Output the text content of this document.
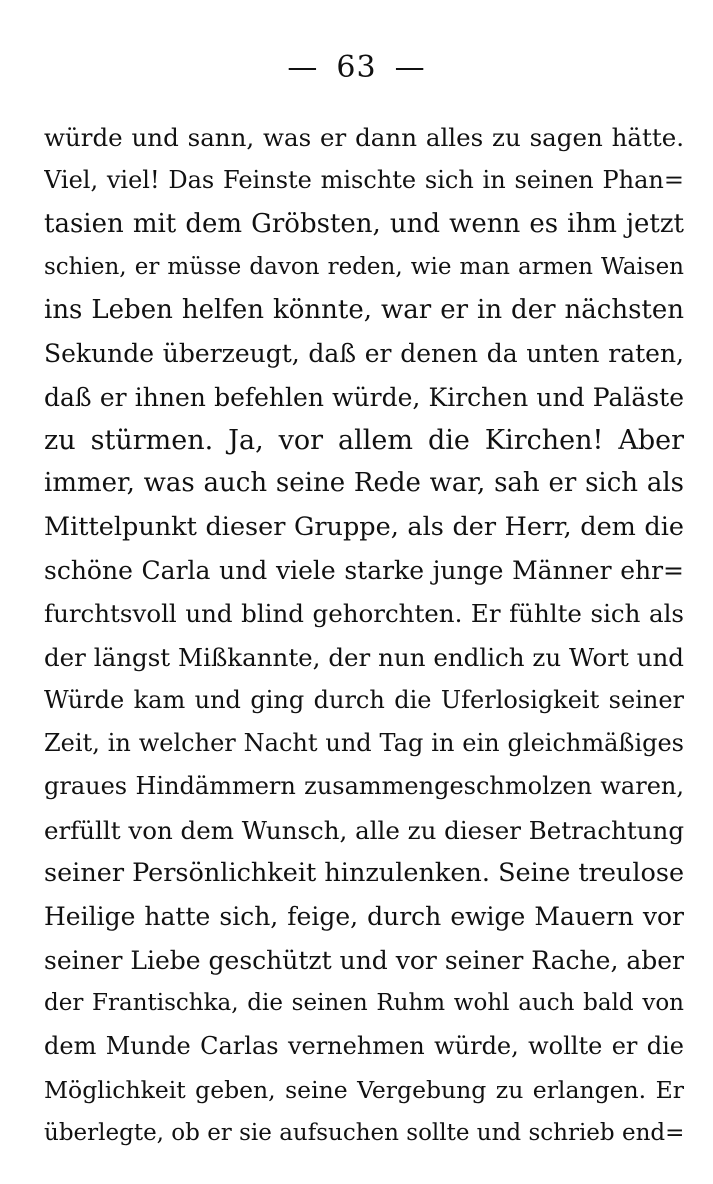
— 63 —
würde und sann, was er dann alles zu sagen hätte.
Viel, viel! Das Feinste mischte sich in seinen Phan=
tasien mit dem Gröbsten, und wenn es ihm jetzt
schien, er müsse davon reden, wie man armen Waisen
ins Leben helfen könnte, war er in der nächsten
Sekunde überzeugt, daß er denen da unten raten,
daß er ihnen befehlen würde, Kirchen und Paläste
zu stürmen. Ja, vor allem die Kirchen! Aber
immer, was auch seine Rede war, sah er sich als
Mittelpunkt dieser Gruppe, als der Herr, dem die
schöne Carla und viele starke junge Männer ehr=
furchtsvoll und blind gehorchten. Er fühlte sich als
der längst Mißkannte, der nun endlich zu Wort und
Würde kam und ging durch die Uferlosigkeit seiner
Zeit, in welcher Nacht und Tag in ein gleichmäßiges
graues Hindämmern zusammengeschmolzen waren,
erfüllt von dem Wunsch, alle zu dieser Betrachtung
seiner Persönlichkeit hinzulenken. Seine treulose
Heilige hatte sich, feige, durch ewige Mauern vor
seiner Liebe geschützt und vor seiner Rache, aber
der Frantischka, die seinen Ruhm wohl auch bald von
dem Munde Carlas vernehmen würde, wollte er die
Möglichkeit geben, seine Vergebung zu erlangen. Er
überlegte, ob er sie aufsuchen sollte und schrieb end=
